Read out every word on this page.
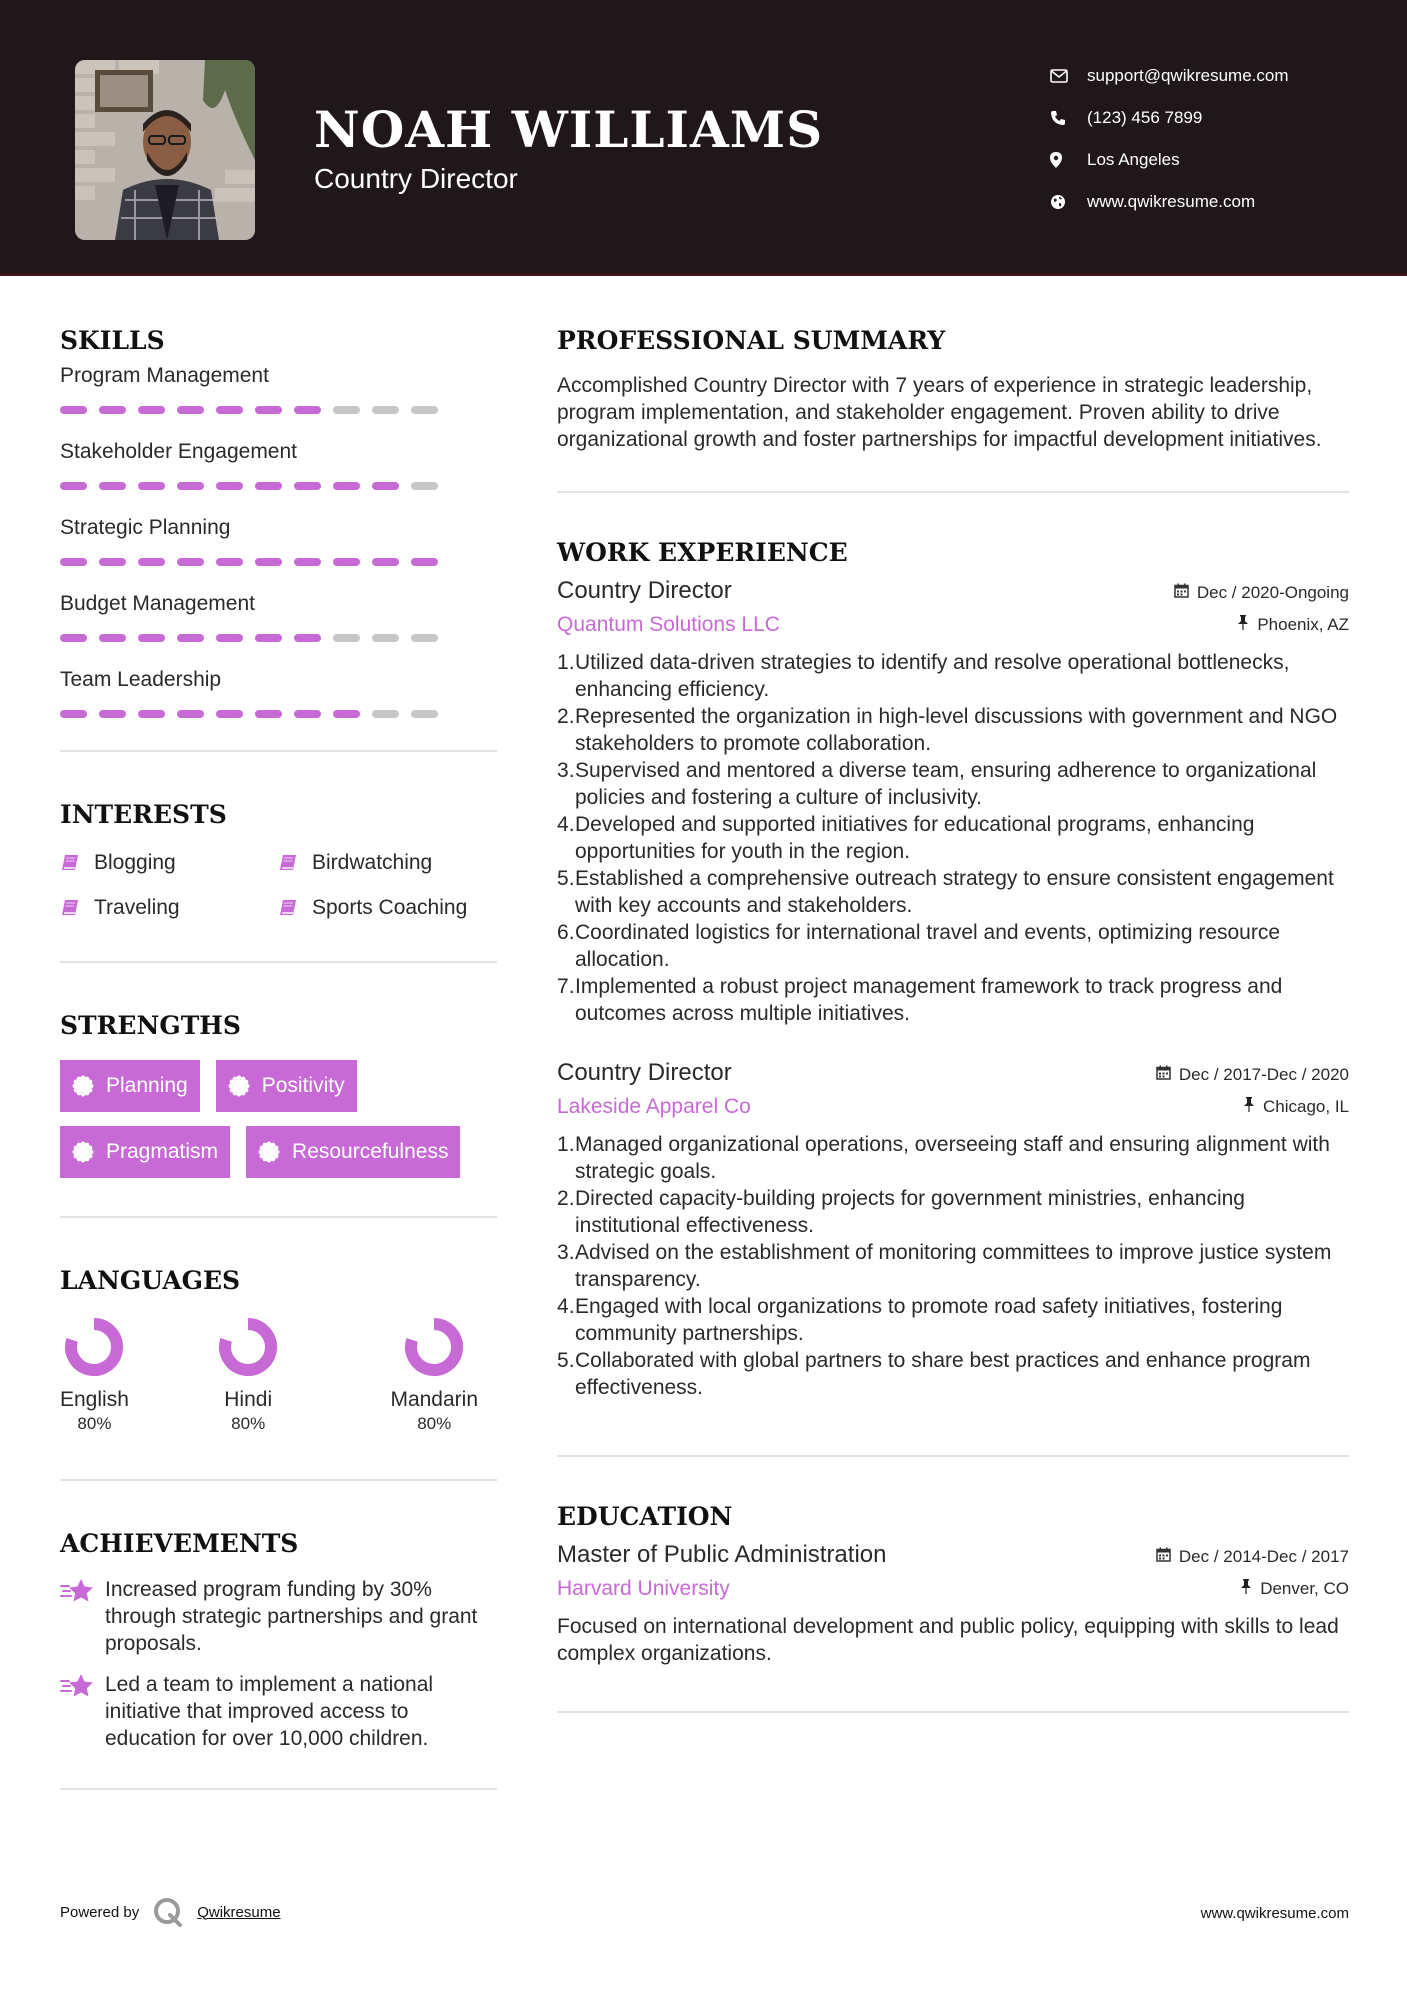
NOAH WILLIAMS
Country Director
support@qwikresume.com
(123) 456 7899
Los Angeles
www.qwikresume.com
SKILLS
Program Management
Stakeholder Engagement
Strategic Planning
Budget Management
Team Leadership
INTERESTS
Blogging	Birdwatching
Traveling	Sports Coaching
STRENGTHS
Planning	Positivity
Pragmatism	Resourcefulness
LANGUAGES
English
80%
Hindi
80%
Mandarin
80%
ACHIEVEMENTS
Increased program funding by 30% through strategic partnerships and grant proposals.
Led a team to implement a national initiative that improved access to education for over 10,000 children.
PROFESSIONAL SUMMARY
Accomplished Country Director with 7 years of experience in strategic leadership, program implementation, and stakeholder engagement. Proven ability to drive organizational growth and foster partnerships for impactful development initiatives.
WORK EXPERIENCE
Country Director	Dec / 2020-Ongoing
Quantum Solutions LLC	Phoenix, AZ
Utilized data-driven strategies to identify and resolve operational bottlenecks, enhancing efficiency.
Represented the organization in high-level discussions with government and NGO stakeholders to promote collaboration.
Supervised and mentored a diverse team, ensuring adherence to organizational policies and fostering a culture of inclusivity.
Developed and supported initiatives for educational programs, enhancing opportunities for youth in the region.
Established a comprehensive outreach strategy to ensure consistent engagement with key accounts and stakeholders.
Coordinated logistics for international travel and events, optimizing resource allocation.
Implemented a robust project management framework to track progress and outcomes across multiple initiatives.
Country Director	Dec / 2017-Dec / 2020
Lakeside Apparel Co	Chicago, IL
Managed organizational operations, overseeing staff and ensuring alignment with strategic goals.
Directed capacity-building projects for government ministries, enhancing institutional effectiveness.
Advised on the establishment of monitoring committees to improve justice system transparency.
Engaged with local organizations to promote road safety initiatives, fostering community partnerships.
Collaborated with global partners to share best practices and enhance program effectiveness.
EDUCATION
Master of Public Administration	Dec / 2014-Dec / 2017
Harvard University	Denver, CO
Focused on international development and public policy, equipping with skills to lead complex organizations.
Powered by	Qwikresume	www.qwikresume.com
